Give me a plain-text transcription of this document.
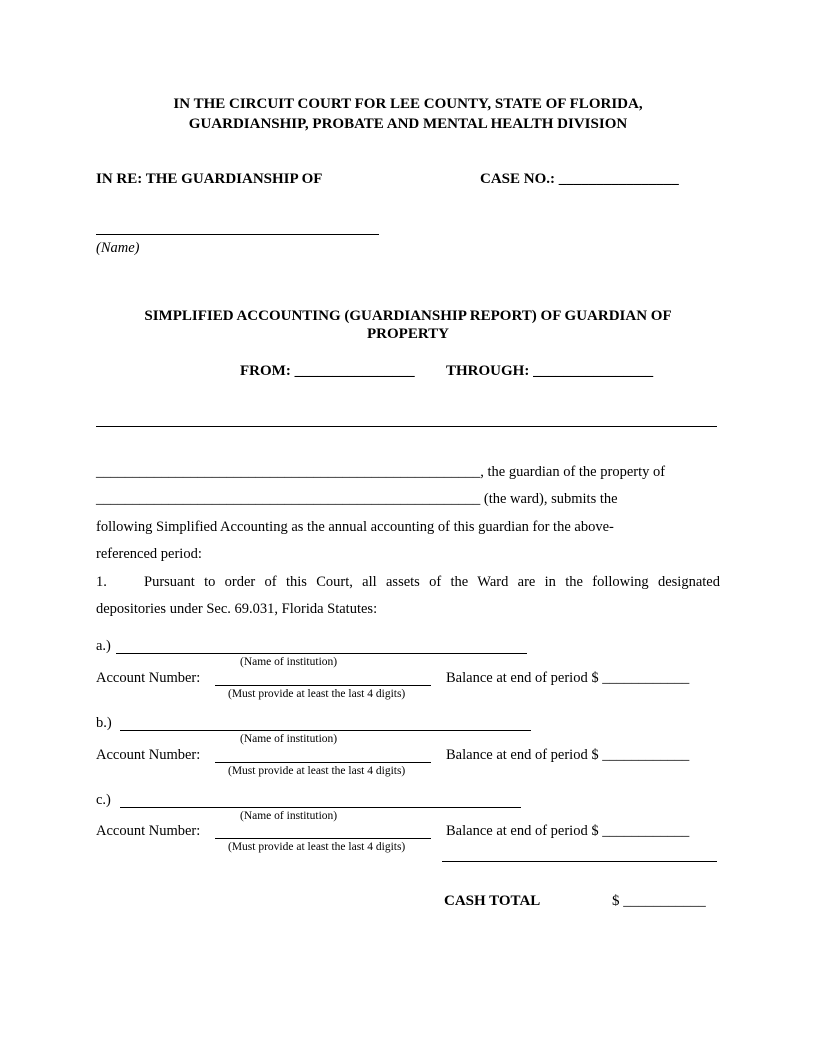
IN THE CIRCUIT COURT FOR LEE COUNTY, STATE OF FLORIDA,
GUARDIANSHIP, PROBATE AND MENTAL HEALTH DIVISION
IN RE: THE GUARDIANSHIP OF	CASE NO.: ________________
(Name)
SIMPLIFIED ACCOUNTING (GUARDIANSHIP REPORT) OF GUARDIAN OF
PROPERTY
FROM: ________________ THROUGH: ________________
_____________________________________________________, the guardian of the property of
_____________________________________________________ (the ward), submits the
following Simplified Accounting as the annual accounting of this guardian for the above-
referenced period:
1.	Pursuant to order of this Court, all assets of the Ward are in the following designated
depositories under Sec. 69.031, Florida Statutes:
a.)
(Name of institution)
Account Number:
(Must provide at least the last 4 digits)
Balance at end of period $ ____________
b.)
(Name of institution)
Account Number:
(Must provide at least the last 4 digits)
Balance at end of period $ ____________
c.)
(Name of institution)
Account Number:
(Must provide at least the last 4 digits)
Balance at end of period $ ____________
CASH TOTAL	$ ___________
